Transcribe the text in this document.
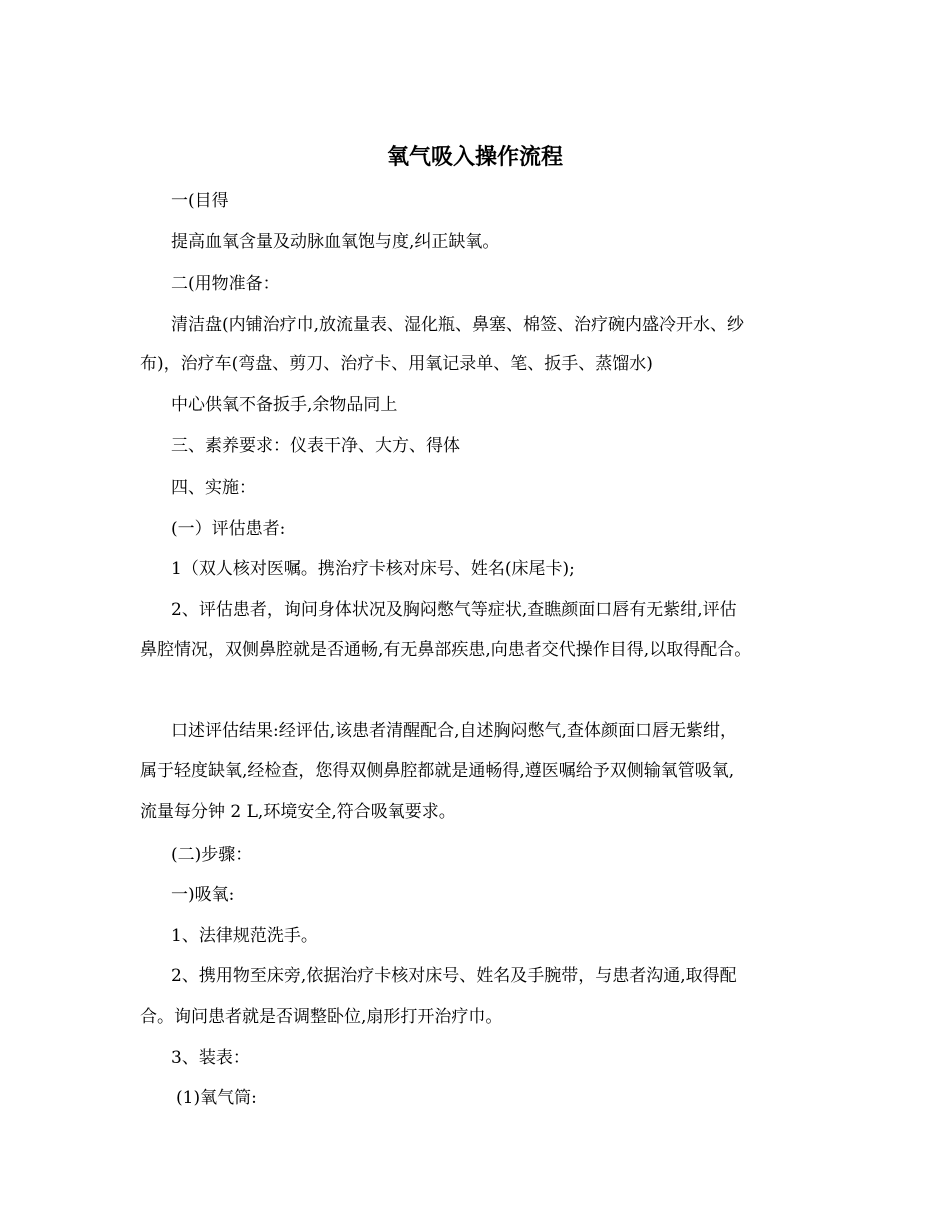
氧气吸入操作流程
一(目得
提高血氧含量及动脉血氧饱与度,纠正缺氧。
二(用物准备：
清洁盘(内铺治疗巾,放流量表、湿化瓶、鼻塞、棉签、治疗碗内盛冷开水、纱
布)，治疗车(弯盘、剪刀、治疗卡、用氧记录单、笔、扳手、蒸馏水)
中心供氧不备扳手,余物品同上
三、素养要求：仪表干净、大方、得体
四、实施：
(一）评估患者:
1（双人核对医嘱。携治疗卡核对床号、姓名(床尾卡);
2、评估患者，询问身体状况及胸闷憋气等症状,查瞧颜面口唇有无紫绀,评估
鼻腔情况，双侧鼻腔就是否通畅,有无鼻部疾患,向患者交代操作目得,以取得配合。
口述评估结果:经评估,该患者清醒配合,自述胸闷憋气,查体颜面口唇无紫绀，
属于轻度缺氧,经检查，您得双侧鼻腔都就是通畅得,遵医嘱给予双侧输氧管吸氧,
流量每分钟 2 L,环境安全,符合吸氧要求。
(二)步骤：
一)吸氧:
1、法律规范洗手。
2、携用物至床旁,依据治疗卡核对床号、姓名及手腕带，与患者沟通,取得配
合。询问患者就是否调整卧位,扇形打开治疗巾。
3、装表：
(1)氧气筒:
